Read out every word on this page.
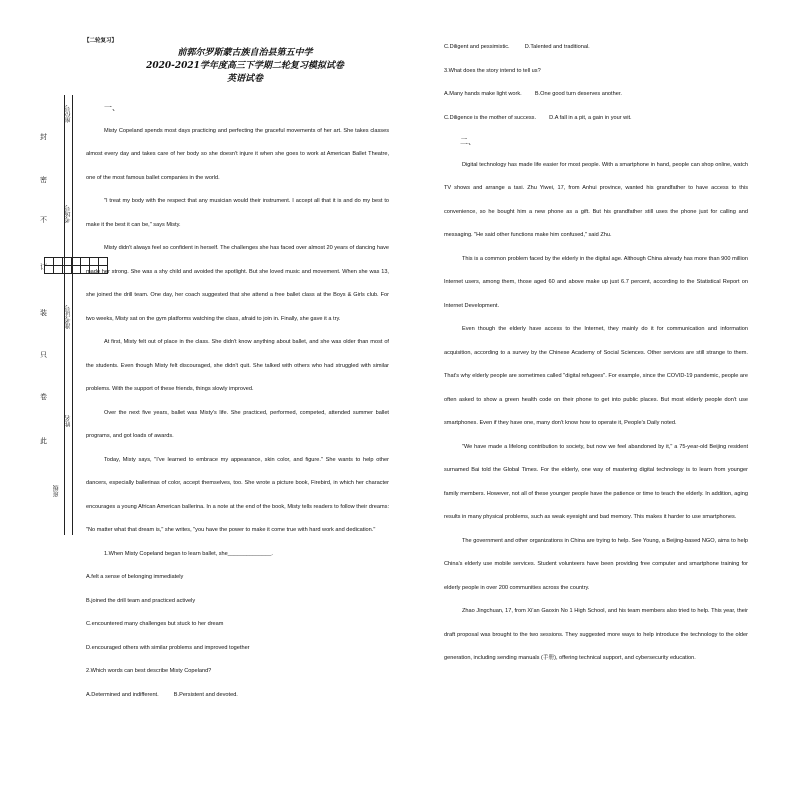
座位号
考场号
准考证号
姓名
班级
封
密
不
订
装
只
卷
此
【二轮复习】
前郭尔罗斯蒙古族自治县第五中学
2020-2021学年度高三下学期二轮复习模拟试卷
英语试卷
一、

Misty Copeland spends most days practicing and perfecting the graceful movements of her art. She takes classes almost every day and takes care of her body so she doesn't injure it when she goes to work at American Ballet Theatre, one of the most famous ballet companies in the world.

"I treat my body with the respect that any musician would their instrument. I accept all that it is and do my best to make it the best it can be," says Misty.

Misty didn't always feel so confident in herself. The challenges she has faced over almost 20 years of dancing have made her strong. She was a shy child and avoided the spotlight. But she loved music and movement. When she was 13, she joined the drill team. One day, her coach suggested that she attend a free ballet class at the Boys & Girls club. For two weeks, Misty sat on the gym platforms watching the class, afraid to join in. Finally, she gave it a try.

At first, Misty felt out of place in the class. She didn't know anything about ballet, and she was older than most of the students. Even though Misty felt discouraged, she didn't quit. She talked with others who had struggled with similar problems. With the support of these friends, things slowly improved.

Over the next five years, ballet was Misty's life. She practiced, performed, competed, attended summer ballet programs, and got loads of awards.

Today, Misty says, "I've learned to embrace my appearance, skin color, and figure." She wants to help other dancers, especially ballerinas of color, accept themselves, too. She wrote a picture book, Firebird, in which her character encourages a young African American ballerina. In a note at the end of the book, Misty tells readers to follow their dreams: "No matter what that dream is," she writes, "you have the power to make it come true with hard work and dedication."

1.When Misty Copeland began to learn ballet, she______________.

A.felt a sense of belonging immediately

B.joined the drill team and practiced actively

C.encountered many challenges but stuck to her dream

D.encouraged others with similar problems and improved together

2.Which words can best describe Misty Copeland?

A.Determined and indifferent.	B.Persistent and devoted.

C.Diligent and pessimistic.	D.Talented and traditional.

3.What does the story intend to tell us?

A.Many hands make light work. B.One good turn deserves another.

C.Diligence is the mother of success. D.A fall in a pit, a gain in your wit.

二、

Digital technology has made life easier for most people. With a smartphone in hand, people can shop online, watch TV shows and arrange a taxi. Zhu Yiwei, 17, from Anhui province, wanted his grandfather to have access to this convenience, so he bought him a new phone as a gift. But his grandfather still uses the phone just for calling and messaging. "He said other functions make him confused," said Zhu.

This is a common problem faced by the elderly in the digital age. Although China already has more than 900 million Internet users, among them, those aged 60 and above make up just 6.7 percent, according to the Statistical Report on Internet Development.

Even though the elderly have access to the Internet, they mainly do it for communication and information acquisition, according to a survey by the Chinese Academy of Social Sciences. Other services are still strange to them. That's why elderly people are sometimes called "digital refugees". For example, since the COVID-19 pandemic, people are often asked to show a green health code on their phone to get into public places. But most elderly people don't use smartphones. Even if they have one, many don't know how to operate it, People's Daily noted.

"We have made a lifelong contribution to society, but now we feel abandoned by it," a 75-year-old Beijing resident surnamed Bai told the Global Times. For the elderly, one way of mastering digital technology is to learn from younger family members. However, not all of these younger people have the patience or time to teach the elderly. In addition, aging results in many physical problems, such as weak eyesight and bad memory. This makes it harder to use smartphones.

The government and other organizations in China are trying to help. See Young, a Beijing-based NGO, aims to help China's elderly use mobile services. Student volunteers have been providing free computer and smartphone training for elderly people in over 200 communities across the country.

Zhao Jingchuan, 17, from Xi'an Gaoxin No 1 High School, and his team members also tried to help. This year, their draft proposal was brought to the two sessions. They suggested more ways to help introduce the technology to the older generation, including sending manuals (手册), offering technical support, and cybersecurity education.
